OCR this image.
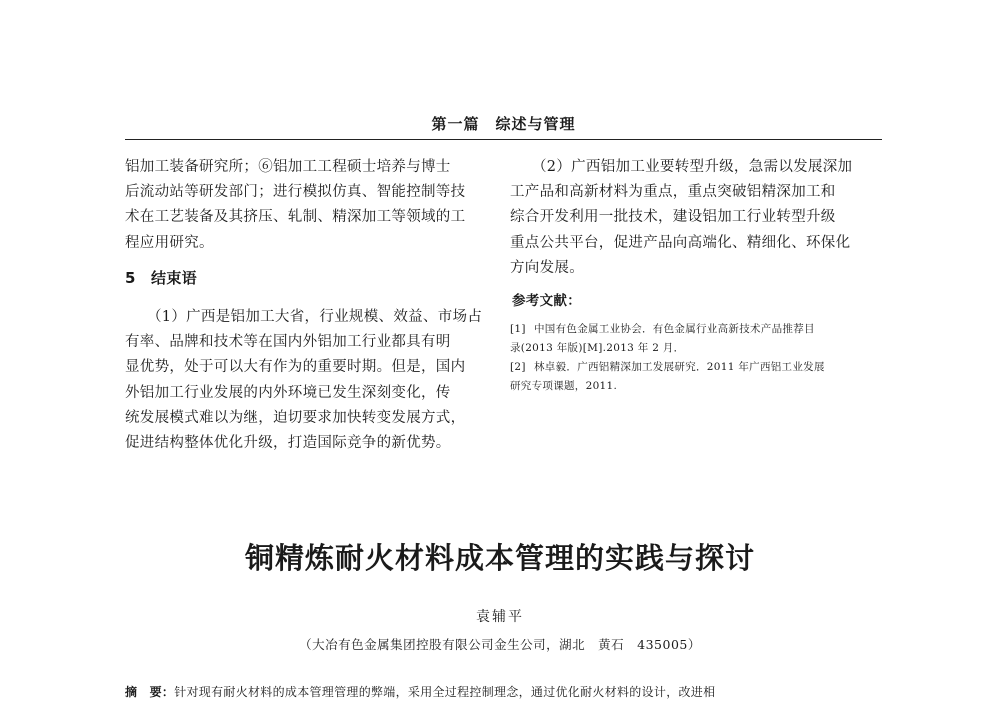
第一篇　综述与管理

铝加工装备研究所；⑥铝加工工程硕士培养与博士

后流动站等研发部门；进行模拟仿真、智能控制等技

术在工艺装备及其挤压、轧制、精深加工等领域的工

程应用研究。

5　结束语

（1）广西是铝加工大省，行业规模、效益、市场占

有率、品牌和技术等在国内外铝加工行业都具有明

显优势，处于可以大有作为的重要时期。但是，国内

外铝加工行业发展的内外环境已发生深刻变化，传

统发展模式难以为继，迫切要求加快转变发展方式，

促进结构整体优化升级，打造国际竞争的新优势。

（2）广西铝加工业要转型升级，急需以发展深加

工产品和高新材料为重点，重点突破铝精深加工和

综合开发利用一批技术，建设铝加工行业转型升级

重点公共平台，促进产品向高端化、精细化、环保化

方向发展。

参考文献：

[1] 中国有色金属工业协会．有色金属行业高新技术产品推荐目
录(2013 年版)[M].2013 年 2 月．
[2] 林卓毅．广西铝精深加工发展研究．2011 年广西铝工业发展
研究专项课题，2011.
铜精炼耐火材料成本管理的实践与探讨
袁辅平
（大冶有色金属集团控股有限公司金生公司，湖北　黄石　435005）
摘　要：针对现有耐火材料的成本管理管理的弊端，采用全过程控制理念，通过优化耐火材料的设计，改进相
